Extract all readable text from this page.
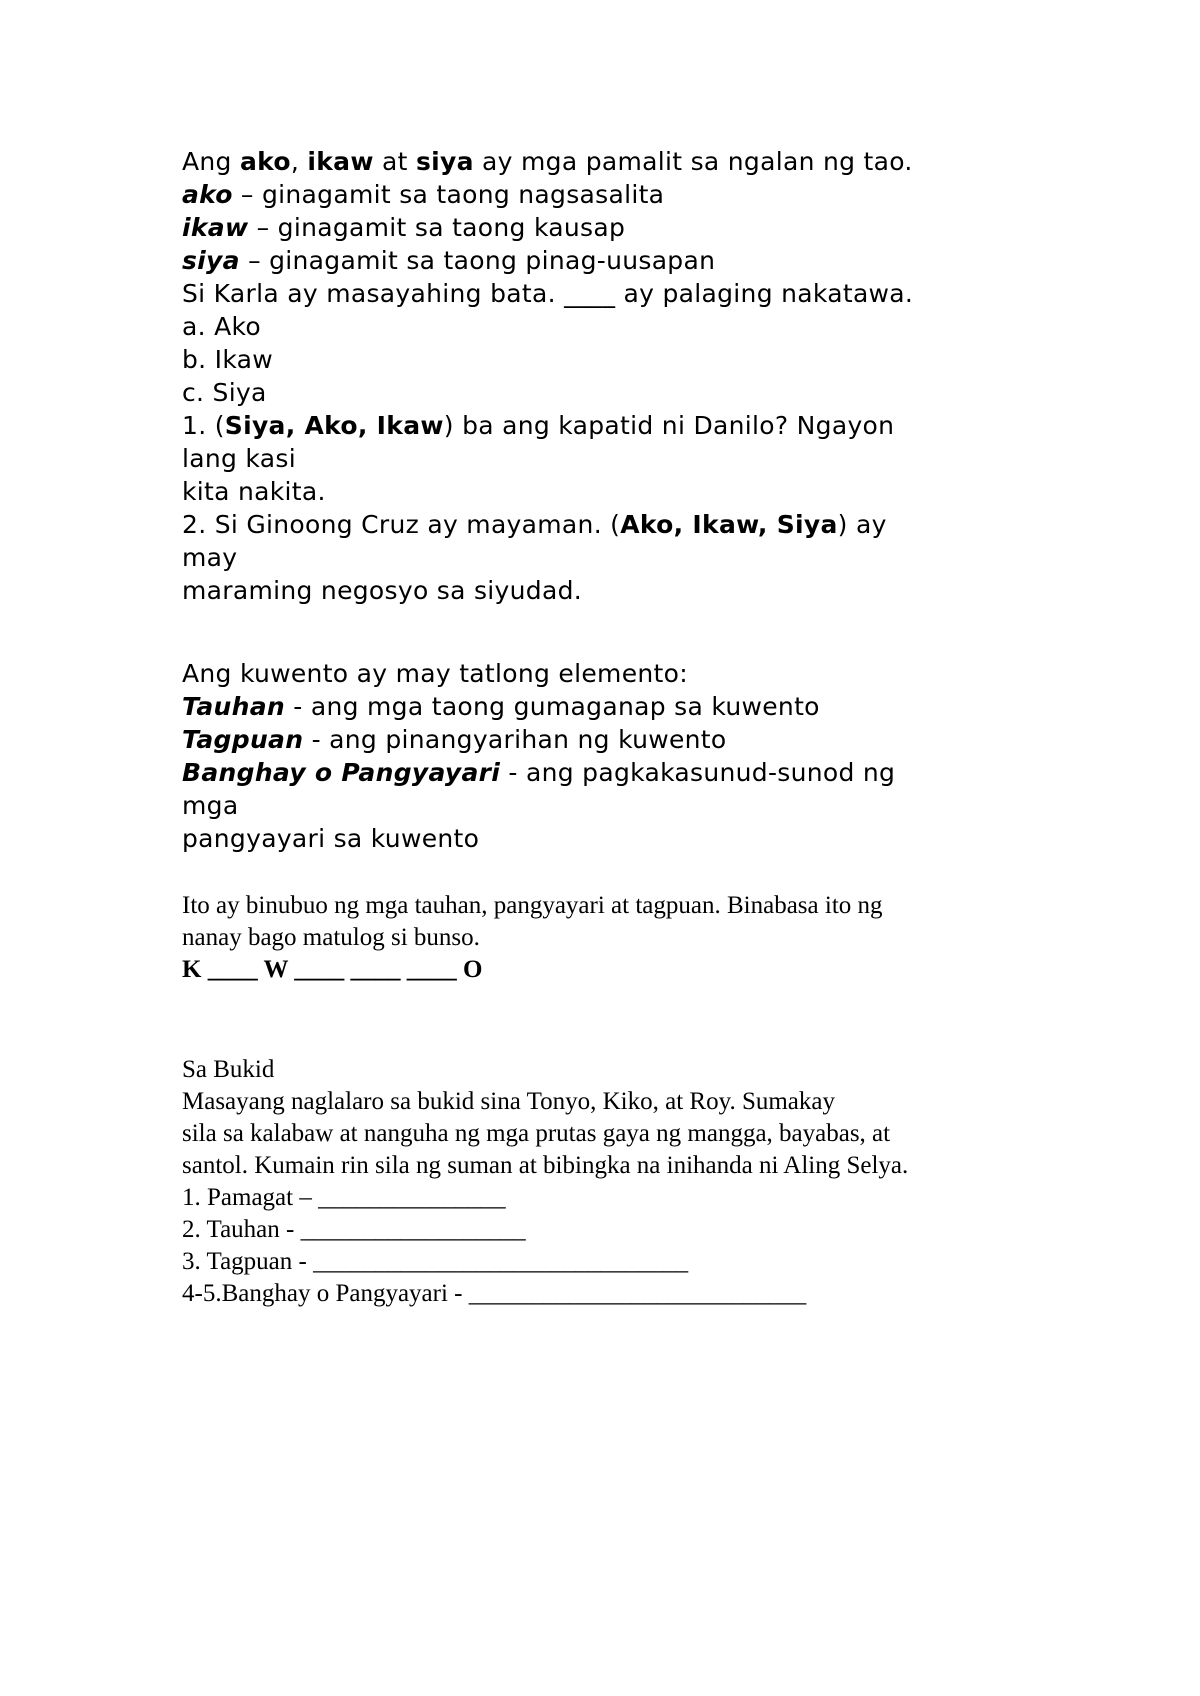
Ang ako, ikaw at siya ay mga pamalit sa ngalan ng tao.
ako – ginagamit sa taong nagsasalita
ikaw – ginagamit sa taong kausap
siya – ginagamit sa taong pinag-uusapan
Si Karla ay masayahing bata. ____ ay palaging nakatawa.
a. Ako
b. Ikaw
c. Siya
1. (Siya, Ako, Ikaw) ba ang kapatid ni Danilo? Ngayon
lang kasi
kita nakita.
2. Si Ginoong Cruz ay mayaman. (Ako, Ikaw, Siya) ay
may
maraming negosyo sa siyudad.
Ang kuwento ay may tatlong elemento:
Tauhan - ang mga taong gumaganap sa kuwento
Tagpuan - ang pinangyarihan ng kuwento
Banghay o Pangyayari - ang pagkakasunud-sunod ng
mga
pangyayari sa kuwento
Ito ay binubuo ng mga tauhan, pangyayari at tagpuan. Binabasa ito ng
nanay bago matulog si bunso.
K ____ W ____ ____ ____ O
Sa Bukid
Masayang naglalaro sa bukid sina Tonyo, Kiko, at Roy. Sumakay
sila sa kalabaw at nanguha ng mga prutas gaya ng mangga, bayabas, at
santol. Kumain rin sila ng suman at bibingka na inihanda ni Aling Selya.
1. Pamagat – _______________
2. Tauhan - __________________
3. Tagpuan - ______________________________
4-5.Banghay o Pangyayari - ___________________________
